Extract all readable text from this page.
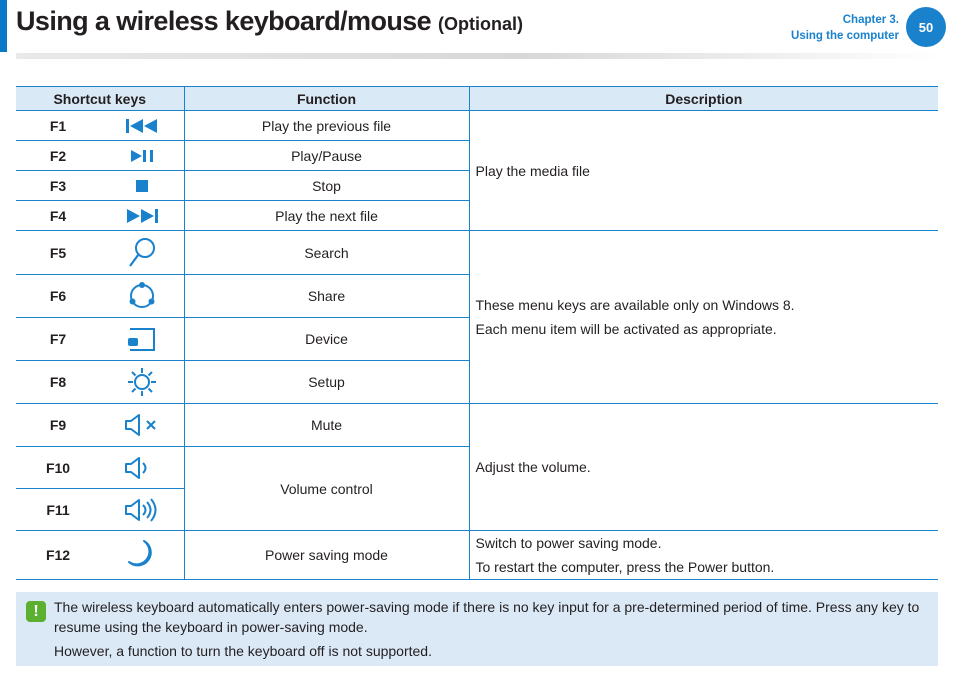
Using a wireless keyboard/mouse (Optional)	Chapter 3.
Using the computer
50
Shortcut keys		Function	Description
F1		Play the previous file	Play the media file
F2		Play/Pause	
F3		Stop	
F4		Play the next file	
F5		Search	These menu keys are available only on Windows 8.
Each menu item will be activated as appropriate.

F6		Share	
F7		Device	
F8		Setup	
F9		Mute	Adjust the volume.
F10		Volume control	
F11	
F12		Power saving mode	Switch to power saving mode.
To restart the computer, press the Power button.
!	The wireless keyboard automatically enters power-saving mode if there is no key input for a pre-determined period of time. Press any key to resume using the keyboard in power-saving mode.

However, a function to turn the keyboard off is not supported.
